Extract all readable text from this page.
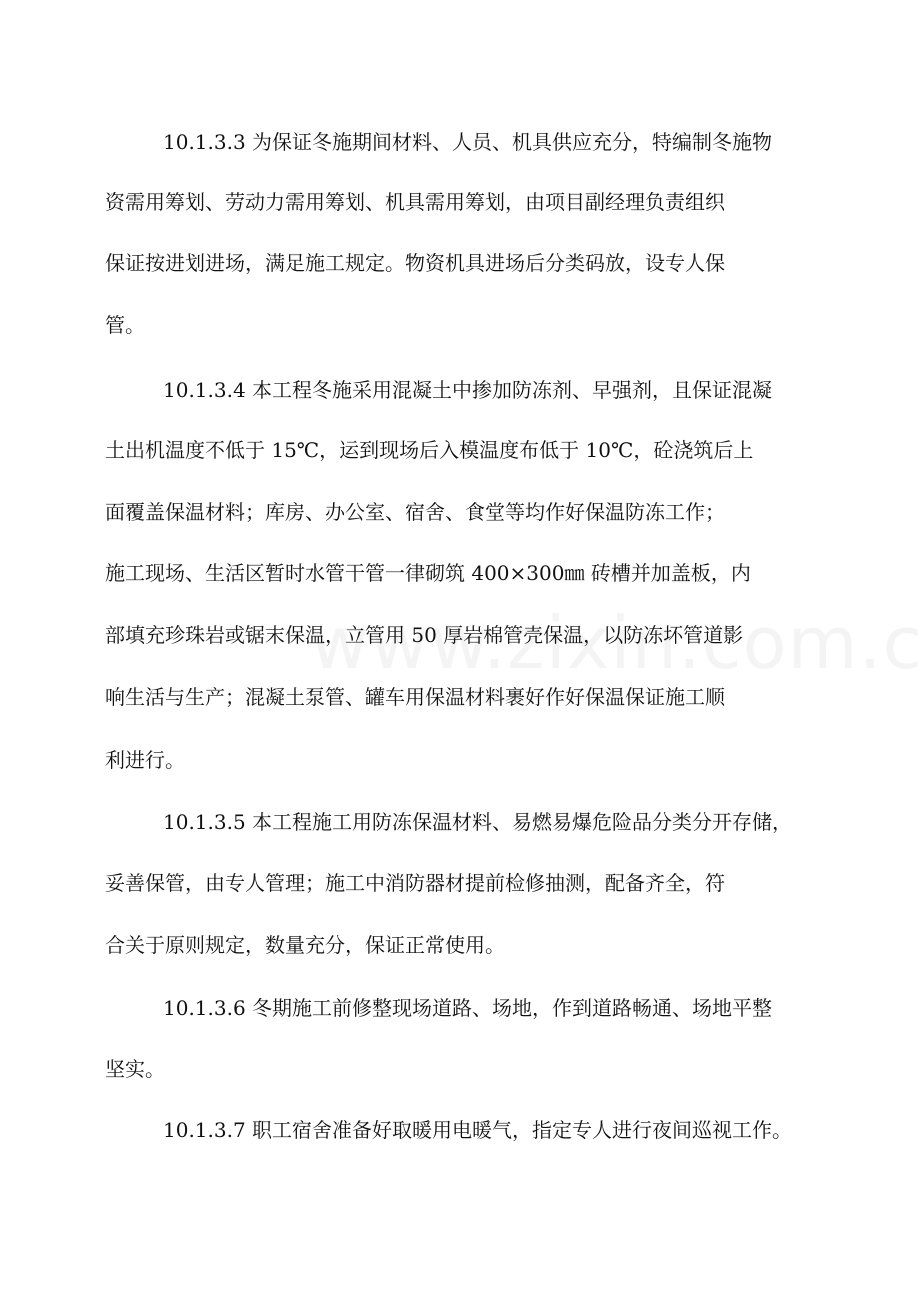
10.1.3.3 为保证冬施期间材料、人员、机具供应充分，特编制冬施物
资需用筹划、劳动力需用筹划、机具需用筹划，由项目副经理负责组织
保证按进划进场，满足施工规定。物资机具进场后分类码放，设专人保
管。
10.1.3.4 本工程冬施采用混凝土中掺加防冻剂、早强剂，且保证混凝
土出机温度不低于 15℃，运到现场后入模温度布低于 10℃，砼浇筑后上
面覆盖保温材料；库房、办公室、宿舍、食堂等均作好保温防冻工作；
施工现场、生活区暂时水管干管一律砌筑 400×300㎜ 砖槽并加盖板，内
部填充珍珠岩或锯末保温，立管用 50 厚岩棉管壳保温，以防冻坏管道影
响生活与生产；混凝土泵管、罐车用保温材料裹好作好保温保证施工顺
利进行。
10.1.3.5 本工程施工用防冻保温材料、易燃易爆危险品分类分开存储，
妥善保管，由专人管理；施工中消防器材提前检修抽测，配备齐全，符
合关于原则规定，数量充分，保证正常使用。
10.1.3.6 冬期施工前修整现场道路、场地，作到道路畅通、场地平整
坚实。
10.1.3.7 职工宿舍准备好取暖用电暖气，指定专人进行夜间巡视工作。
